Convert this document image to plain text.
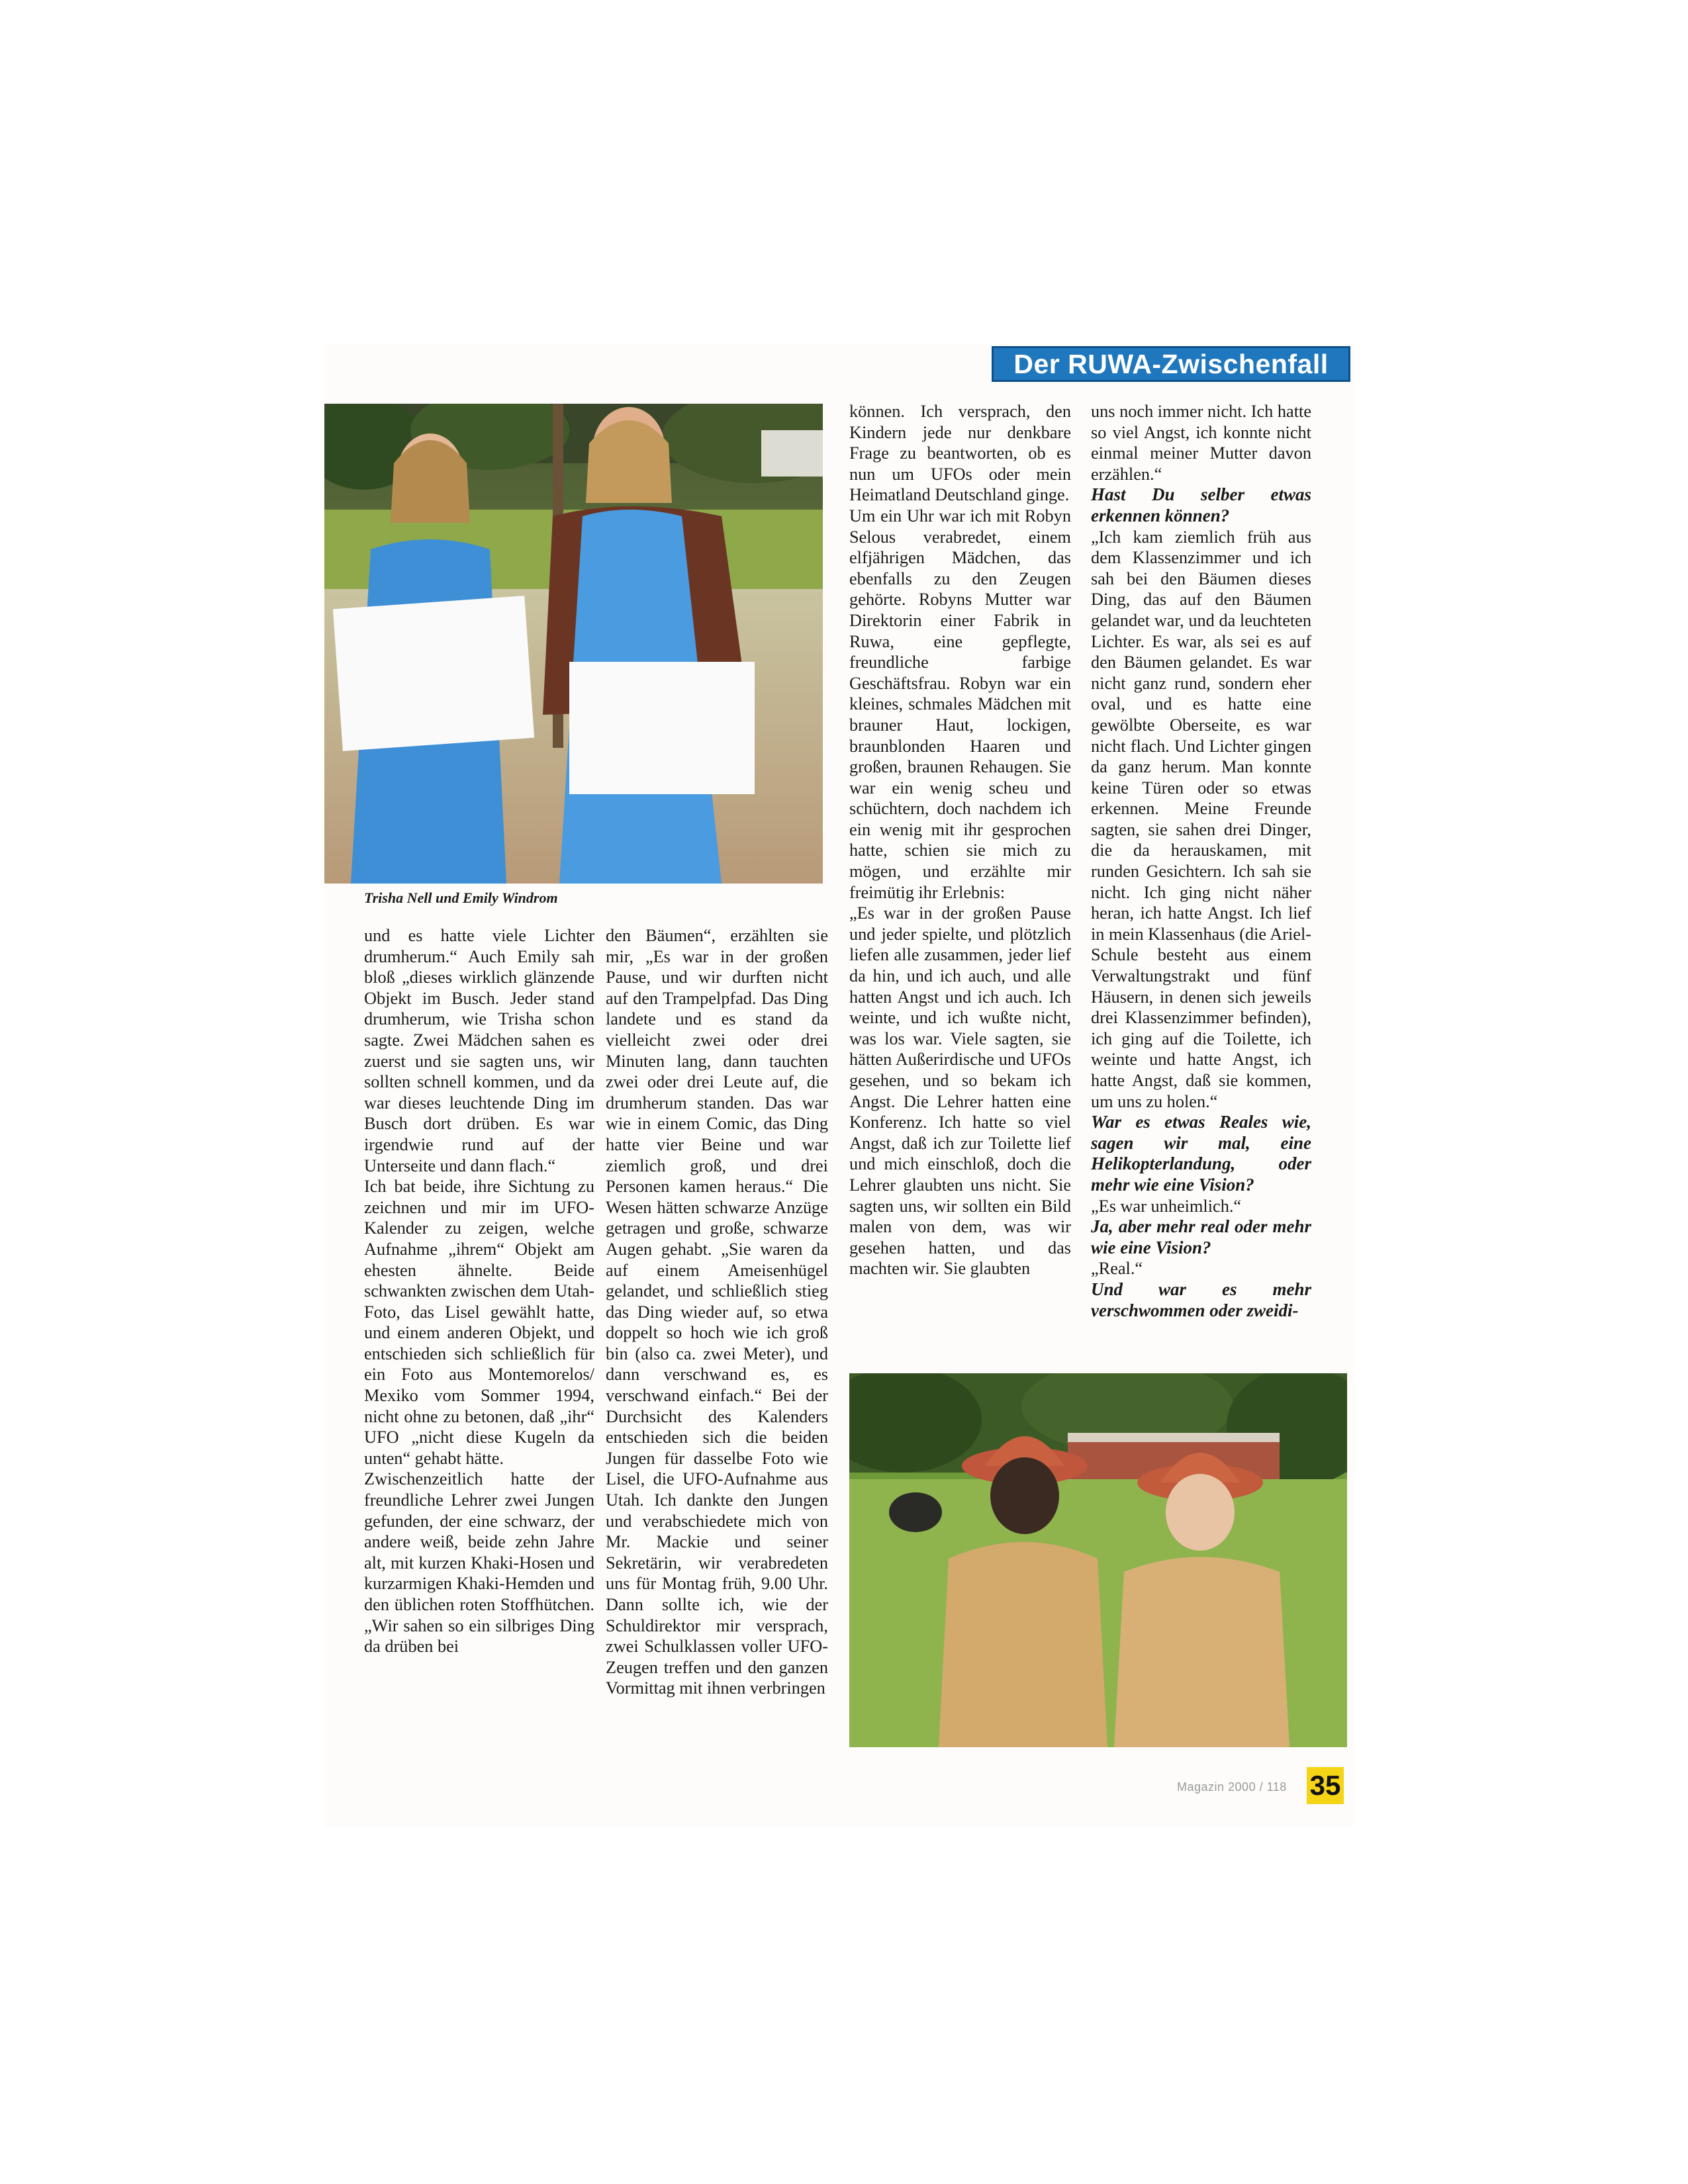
Der RUWA-Zwischenfall
Trisha Nell und Emily Windrom

und es hatte viele Lichter drumherum.“ Auch Emily sah bloß „dieses wirklich glänzende Objekt im Busch. Jeder stand drumherum, wie Trisha schon sagte. Zwei Mädchen sahen es zuerst und sie sagten uns, wir sollten schnell kommen, und da war dieses leuchtende Ding im Busch dort drüben. Es war irgendwie rund auf der Unterseite und dann flach.“

Ich bat beide, ihre Sichtung zu zeichnen und mir im UFO-Kalender zu zeigen, welche Aufnahme „ihrem“ Objekt am ehesten ähnelte. Beide schwankten zwischen dem Utah-Foto, das Lisel gewählt hatte, und einem anderen Objekt, und entschieden sich schließlich für ein Foto aus Montemorelos/ Mexiko vom Sommer 1994, nicht ohne zu betonen, daß „ihr“ UFO „nicht diese Kugeln da unten“ gehabt hätte.

Zwischenzeitlich hatte der freundliche Lehrer zwei Jungen gefunden, der eine schwarz, der andere weiß, beide zehn Jahre alt, mit kurzen Khaki-Hosen und kurzarmigen Khaki-Hemden und den üblichen roten Stoffhütchen. „Wir sahen so ein silbriges Ding da drüben bei

den Bäumen“, erzählten sie mir, „Es war in der großen Pause, und wir durften nicht auf den Trampelpfad. Das Ding landete und es stand da vielleicht zwei oder drei Minuten lang, dann tauchten zwei oder drei Leute auf, die drumherum standen. Das war wie in einem Comic, das Ding hatte vier Beine und war ziemlich groß, und drei Personen kamen heraus.“ Die Wesen hätten schwarze Anzüge getragen und große, schwarze Augen gehabt. „Sie waren da auf einem Ameisenhügel gelandet, und schließlich stieg das Ding wieder auf, so etwa doppelt so hoch wie ich groß bin (also ca. zwei Meter), und dann verschwand es, es verschwand einfach.“ Bei der Durchsicht des Kalenders entschieden sich die beiden Jungen für dasselbe Foto wie Lisel, die UFO-Aufnahme aus Utah. Ich dankte den Jungen und verabschiedete mich von Mr. Mackie und seiner Sekretärin, wir verabredeten uns für Montag früh, 9.00 Uhr. Dann sollte ich, wie der Schuldirektor mir versprach, zwei Schulklassen voller UFO-Zeugen treffen und den ganzen Vormittag mit ihnen verbringen

können. Ich versprach, den Kindern jede nur denkbare Frage zu beantworten, ob es nun um UFOs oder mein Heimatland Deutschland ginge.

Um ein Uhr war ich mit Robyn Selous verabredet, einem elfjährigen Mädchen, das ebenfalls zu den Zeugen gehörte. Robyns Mutter war Direktorin einer Fabrik in Ruwa, eine gepflegte, freundliche farbige Geschäftsfrau. Robyn war ein kleines, schmales Mädchen mit brauner Haut, lockigen, braunblonden Haaren und großen, braunen Rehaugen. Sie war ein wenig scheu und schüchtern, doch nachdem ich ein wenig mit ihr gesprochen hatte, schien sie mich zu mögen, und erzählte mir freimütig ihr Erlebnis:

„Es war in der großen Pause und jeder spielte, und plötzlich liefen alle zusammen, jeder lief da hin, und ich auch, und alle hatten Angst und ich auch. Ich weinte, und ich wußte nicht, was los war. Viele sagten, sie hätten Außerirdische und UFOs gesehen, und so bekam ich Angst. Die Lehrer hatten eine Konferenz. Ich hatte so viel Angst, daß ich zur Toilette lief und mich einschloß, doch die Lehrer glaubten uns nicht. Sie sagten uns, wir sollten ein Bild malen von dem, was wir gesehen hatten, und das machten wir. Sie glaubten

uns noch immer nicht. Ich hatte so viel Angst, ich konnte nicht einmal meiner Mutter davon erzählen.“

Hast Du selber etwas erkennen können?

„Ich kam ziemlich früh aus dem Klassenzimmer und ich sah bei den Bäumen dieses Ding, das auf den Bäumen gelandet war, und da leuchteten Lichter. Es war, als sei es auf den Bäumen gelandet. Es war nicht ganz rund, sondern eher oval, und es hatte eine gewölbte Oberseite, es war nicht flach. Und Lichter gingen da ganz herum. Man konnte keine Türen oder so etwas erkennen. Meine Freunde sagten, sie sahen drei Dinger, die da herauskamen, mit runden Gesichtern. Ich sah sie nicht. Ich ging nicht näher heran, ich hatte Angst. Ich lief in mein Klassenhaus (die Ariel-Schule besteht aus einem Verwaltungstrakt und fünf Häusern, in denen sich jeweils drei Klassenzimmer befinden), ich ging auf die Toilette, ich weinte und hatte Angst, ich hatte Angst, daß sie kommen, um uns zu holen.“

War es etwas Reales wie, sagen wir mal, eine Helikopterlandung, oder mehr wie eine Vision?

„Es war unheimlich.“

Ja, aber mehr real oder mehr wie eine Vision?

„Real.“

Und war es mehr verschwommen oder zweidi-

Magazin 2000 / 118 35
